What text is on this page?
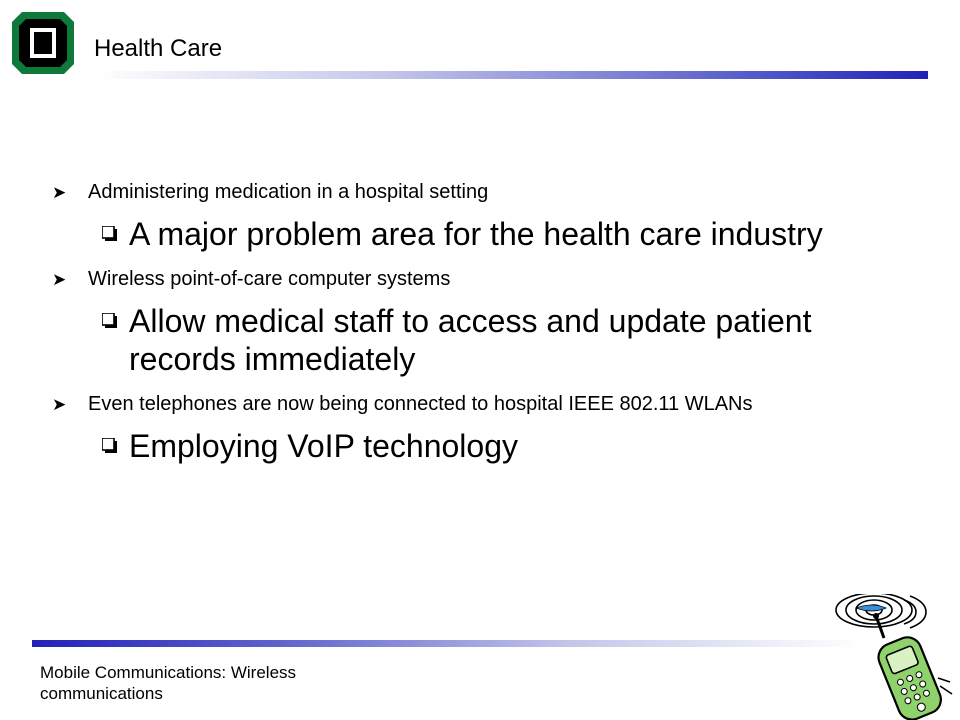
Health Care
➤ Administering medication in a hospital setting
A major problem area for the health care industry
➤ Wireless point-of-care computer systems
Allow medical staff to access and update patient records immediately
➤ Even telephones are now being connected to hospital IEEE 802.11 WLANs
Employing VoIP technology
Mobile Communications: Wireless
communications
